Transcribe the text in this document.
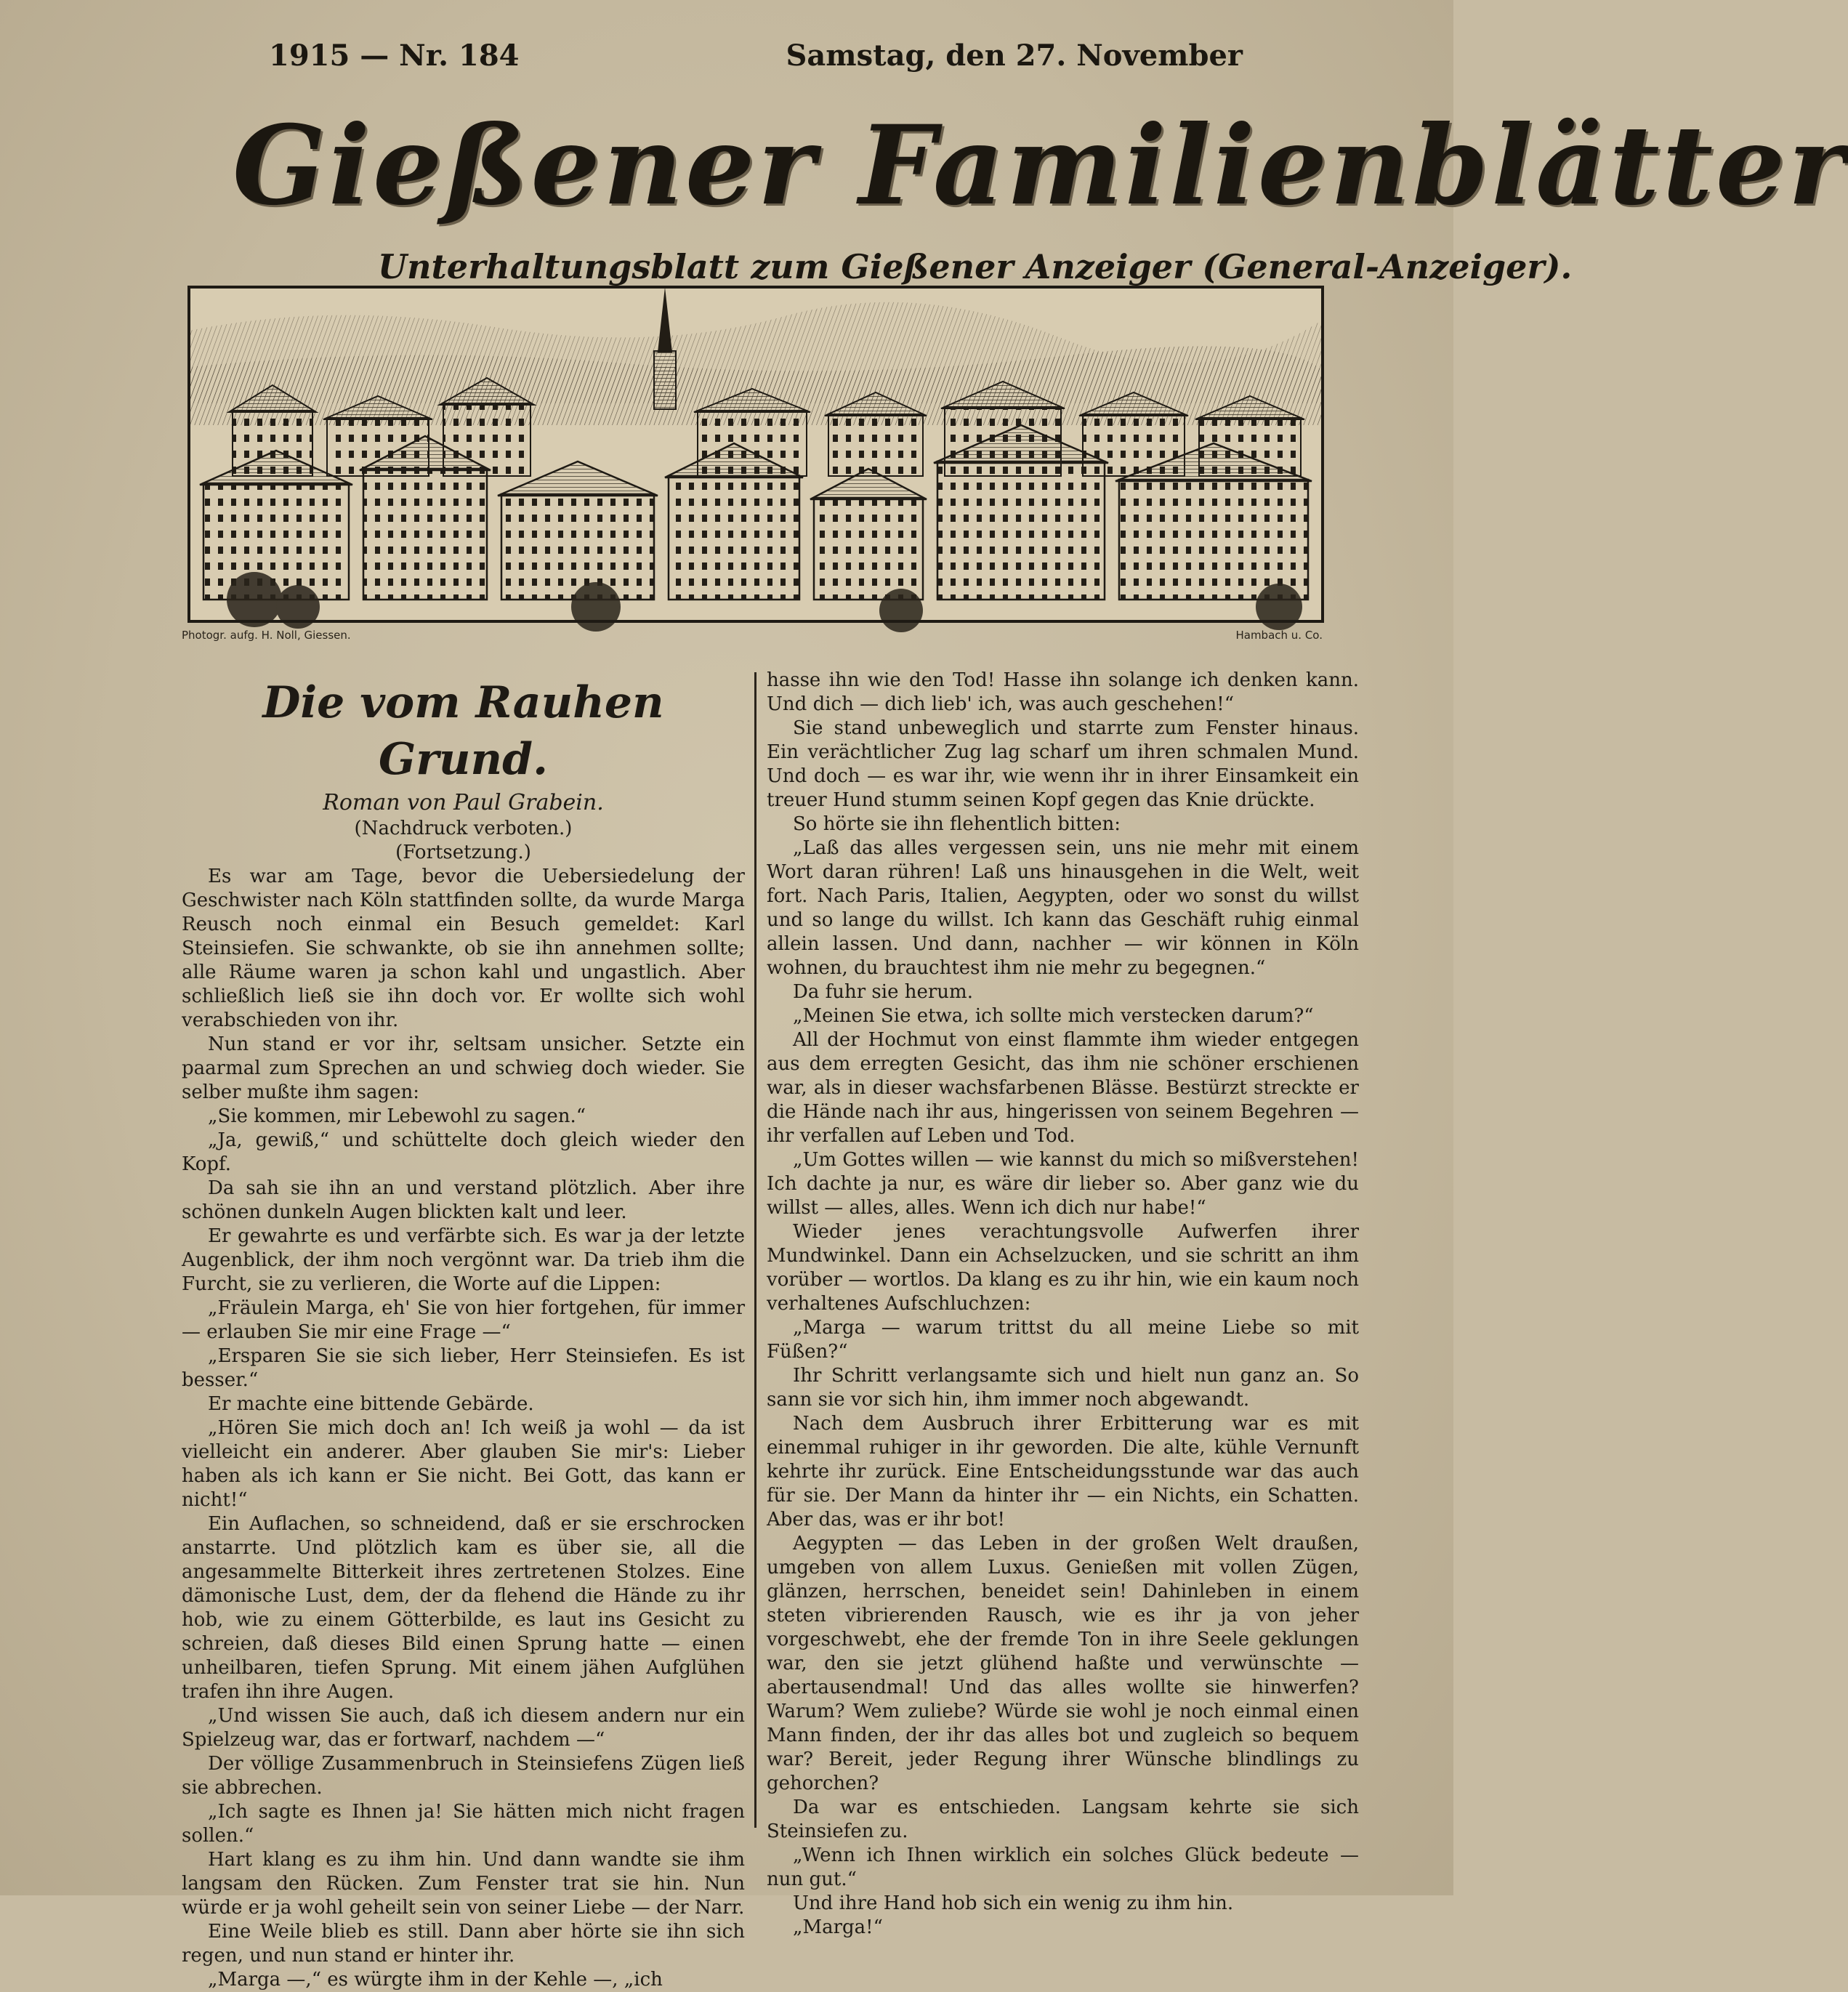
1915 — Nr. 184	Samstag, den 27. November
Gießener Familienblätter
Unterhaltungsblatt zum Gießener Anzeiger (General-Anzeiger).
Photogr. aufg. H. Noll, Giessen.	Hambach u. Co.
Die vom Rauhen Grund.
Roman von Paul Grabein.
(Nachdruck verboten.)
(Fortsetzung.)

Es war am Tage, bevor die Uebersiedelung der Geschwister nach Köln stattfinden sollte, da wurde Marga Reusch noch einmal ein Besuch gemeldet: Karl Steinsiefen. Sie schwankte, ob sie ihn annehmen sollte; alle Räume waren ja schon kahl und ungastlich. Aber schließlich ließ sie ihn doch vor. Er wollte sich wohl verabschieden von ihr.

Nun stand er vor ihr, seltsam unsicher. Setzte ein paarmal zum Sprechen an und schwieg doch wieder. Sie selber mußte ihm sagen:

„Sie kommen, mir Lebewohl zu sagen.“

„Ja, gewiß,“ und schüttelte doch gleich wieder den Kopf.

Da sah sie ihn an und verstand plötzlich. Aber ihre schönen dunkeln Augen blickten kalt und leer.

Er gewahrte es und verfärbte sich. Es war ja der letzte Augenblick, der ihm noch vergönnt war. Da trieb ihm die Furcht, sie zu verlieren, die Worte auf die Lippen:

„Fräulein Marga, eh' Sie von hier fortgehen, für immer — erlauben Sie mir eine Frage —“

„Ersparen Sie sie sich lieber, Herr Steinsiefen. Es ist besser.“

Er machte eine bittende Gebärde.

„Hören Sie mich doch an! Ich weiß ja wohl — da ist vielleicht ein anderer. Aber glauben Sie mir's: Lieber haben als ich kann er Sie nicht. Bei Gott, das kann er nicht!“

Ein Auflachen, so schneidend, daß er sie erschrocken anstarrte. Und plötzlich kam es über sie, all die angesammelte Bitterkeit ihres zertretenen Stolzes. Eine dämonische Lust, dem, der da flehend die Hände zu ihr hob, wie zu einem Götterbilde, es laut ins Gesicht zu schreien, daß dieses Bild einen Sprung hatte — einen unheilbaren, tiefen Sprung. Mit einem jähen Aufglühen trafen ihn ihre Augen.

„Und wissen Sie auch, daß ich diesem andern nur ein Spielzeug war, das er fortwarf, nachdem —“

Der völlige Zusammenbruch in Steinsiefens Zügen ließ sie abbrechen.

„Ich sagte es Ihnen ja! Sie hätten mich nicht fragen sollen.“

Hart klang es zu ihm hin. Und dann wandte sie ihm langsam den Rücken. Zum Fenster trat sie hin. Nun würde er ja wohl geheilt sein von seiner Liebe — der Narr.

Eine Weile blieb es still. Dann aber hörte sie ihn sich regen, und nun stand er hinter ihr.

„Marga —,“ es würgte ihm in der Kehle —, „ich

hasse ihn wie den Tod! Hasse ihn solange ich denken kann. Und dich — dich lieb' ich, was auch geschehen!“

Sie stand unbeweglich und starrte zum Fenster hinaus. Ein verächtlicher Zug lag scharf um ihren schmalen Mund. Und doch — es war ihr, wie wenn ihr in ihrer Einsamkeit ein treuer Hund stumm seinen Kopf gegen das Knie drückte.

So hörte sie ihn flehentlich bitten:

„Laß das alles vergessen sein, uns nie mehr mit einem Wort daran rühren! Laß uns hinausgehen in die Welt, weit fort. Nach Paris, Italien, Aegypten, oder wo sonst du willst und so lange du willst. Ich kann das Geschäft ruhig einmal allein lassen. Und dann, nachher — wir können in Köln wohnen, du brauchtest ihm nie mehr zu begegnen.“

Da fuhr sie herum.

„Meinen Sie etwa, ich sollte mich verstecken darum?“

All der Hochmut von einst flammte ihm wieder entgegen aus dem erregten Gesicht, das ihm nie schöner erschienen war, als in dieser wachsfarbenen Blässe. Bestürzt streckte er die Hände nach ihr aus, hingerissen von seinem Begehren — ihr verfallen auf Leben und Tod.

„Um Gottes willen — wie kannst du mich so mißverstehen! Ich dachte ja nur, es wäre dir lieber so. Aber ganz wie du willst — alles, alles. Wenn ich dich nur habe!“

Wieder jenes verachtungsvolle Aufwerfen ihrer Mundwinkel. Dann ein Achselzucken, und sie schritt an ihm vorüber — wortlos. Da klang es zu ihr hin, wie ein kaum noch verhaltenes Aufschluchzen:

„Marga — warum trittst du all meine Liebe so mit Füßen?“

Ihr Schritt verlangsamte sich und hielt nun ganz an. So sann sie vor sich hin, ihm immer noch abgewandt.

Nach dem Ausbruch ihrer Erbitterung war es mit einemmal ruhiger in ihr geworden. Die alte, kühle Vernunft kehrte ihr zurück. Eine Entscheidungsstunde war das auch für sie. Der Mann da hinter ihr — ein Nichts, ein Schatten. Aber das, was er ihr bot!

Aegypten — das Leben in der großen Welt draußen, umgeben von allem Luxus. Genießen mit vollen Zügen, glänzen, herrschen, beneidet sein! Dahinleben in einem steten vibrierenden Rausch, wie es ihr ja von jeher vorgeschwebt, ehe der fremde Ton in ihre Seele geklungen war, den sie jetzt glühend haßte und verwünschte — abertausendmal! Und das alles wollte sie hinwerfen? Warum? Wem zuliebe? Würde sie wohl je noch einmal einen Mann finden, der ihr das alles bot und zugleich so bequem war? Bereit, jeder Regung ihrer Wünsche blindlings zu gehorchen?

Da war es entschieden. Langsam kehrte sie sich Steinsiefen zu.

„Wenn ich Ihnen wirklich ein solches Glück bedeute — nun gut.“

Und ihre Hand hob sich ein wenig zu ihm hin.

„Marga!“
